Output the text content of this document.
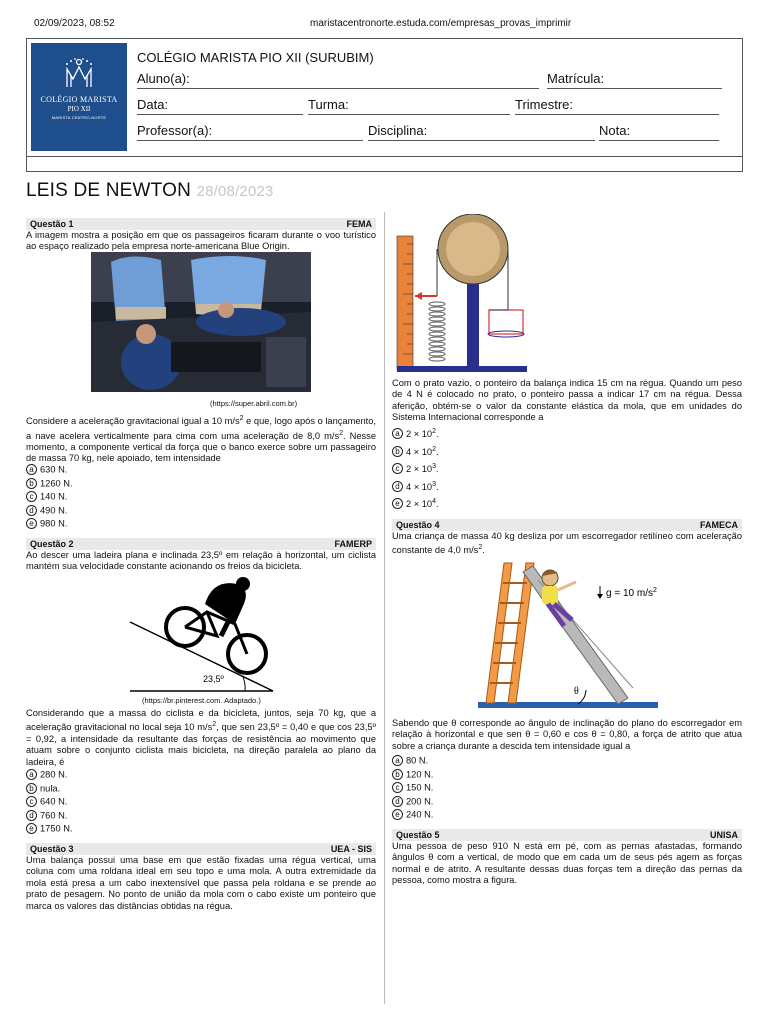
02/09/2023, 08:52	maristacentronorte.estuda.com/empresas_provas_imprimir
COLÉGIO MARISTA
PIO XII
MARISTA CENTRO-NORTE
COLÉGIO MARISTA PIO XII (SURUBIM)
Aluno(a):	Matrícula:
Data:	Turma:	Trimestre:
Professor(a):	Disciplina:	Nota:
LEIS DE NEWTON 28/08/2023
Questão 1	FEMA
A imagem mostra a posição em que os passageiros ficaram durante o voo turístico ao espaço realizado pela empresa norte-americana Blue Origin.
(https://super.abril.com.br)
Considere a aceleração gravitacional igual a 10 $m/s^2$ e que, logo após o lançamento, a nave acelera verticalmente para cima com uma aceleração de 8,0 $m/s^2$. Nesse momento, a componente vertical da força que o banco exerce sobre um passageiro de massa 70 kg, nele apoiado, tem intensidade
a 630 N.
b 1260 N.
c 140 N.
d 490 N.
e 980 N.
Questão 2	FAMERP
Ao descer uma ladeira plana e inclinada 23,5º em relação à horizontal, um ciclista mantém sua velocidade constante acionando os freios da bicicleta.
23,5º
(https://br.pinterest.com. Adaptado.)
Considerando que a massa do ciclista e da bicicleta, juntos, seja 70 kg, que a aceleração gravitacional no local seja 10 $m/s^2$, que sen 23,5º = 0,40 e que cos 23,5º = 0,92, a intensidade da resultante das forças de resistência ao movimento que atuam sobre o conjunto ciclista mais bicicleta, na direção paralela ao plano da ladeira, é
a 280 N.
b nula.
c 640 N.
d 760 N.
e 1750 N.
Questão 3	UEA - SIS
Uma balança possui uma base em que estão fixadas uma régua vertical, uma coluna com uma roldana ideal em seu topo e uma mola. A outra extremidade da mola está presa a um cabo inextensível que passa pela roldana e se prende ao prato de pesagem. No ponto de união da mola com o cabo existe um ponteiro que marca os valores das distâncias obtidas na régua.
Com o prato vazio, o ponteiro da balança indica 15 cm na régua. Quando um peso de 4 N é colocado no prato, o ponteiro passa a indicar 17 cm na régua. Dessa aferição, obtém-se o valor da constante elástica da mola, que em unidades do Sistema Internacional corresponde a
a $2 \times 10^2$.
b $4 \times 10^2$.
c $2 \times 10^3$.
d $4 \times 10^3$.
e $2 \times 10^4$.
Questão 4	FAMECA
Uma criança de massa 40 kg desliza por um escorregador retilíneo com aceleração constante de 4,0 $m/s^2$.
θ
g = 10 $m/s^2$
Sabendo que θ corresponde ao ângulo de inclinação do plano do escorregador em relação à horizontal e que sen θ = 0,60 e cos θ = 0,80, a força de atrito que atua sobre a criança durante a descida tem intensidade igual a
a 80 N.
b 120 N.
c 150 N.
d 200 N.
e 240 N.
Questão 5	UNISA
Uma pessoa de peso 910 N está em pé, com as pernas afastadas, formando ângulos θ com a vertical, de modo que em cada um de seus pés agem as forças normal e de atrito. A resultante dessas duas forças tem a direção das pernas da pessoa, como mostra a figura.
